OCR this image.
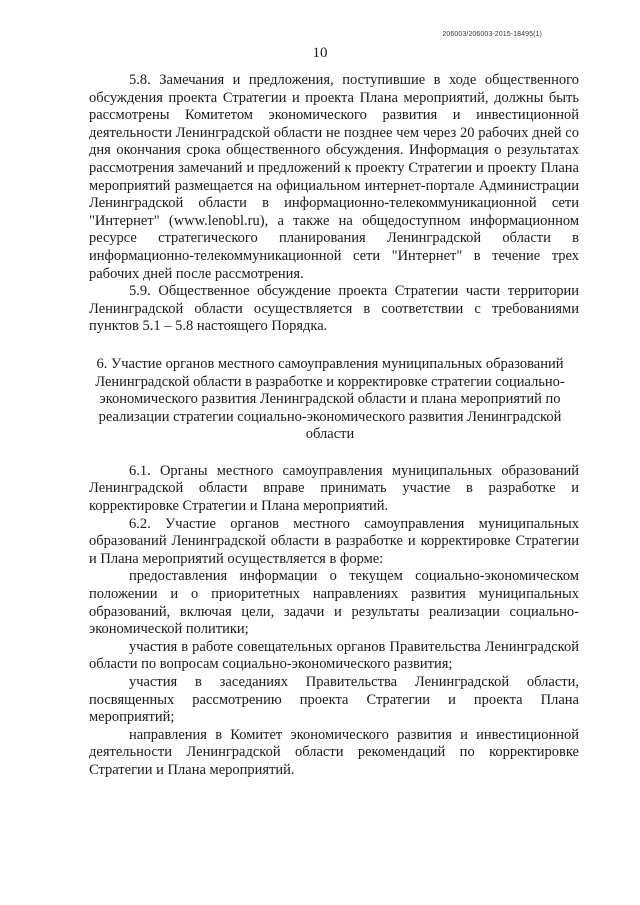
206003/206003-2015-18495(1)
10

5.8. Замечания и предложения, поступившие в ходе общественного обсуждения проекта Стратегии и проекта Плана мероприятий, должны быть рассмотрены Комитетом экономического развития и инвестиционной деятельности Ленинградской области не позднее чем через 20 рабочих дней со дня окончания срока общественного обсуждения. Информация о результатах рассмотрения замечаний и предложений к проекту Стратегии и проекту Плана мероприятий размещается на официальном интернет-портале Администрации Ленинградской области в информационно-телекоммуникационной сети "Интернет" (www.lenobl.ru), а также на общедоступном информационном ресурсе стратегического планирования Ленинградской области в информационно-телекоммуникационной сети "Интернет" в течение трех рабочих дней после рассмотрения.

5.9. Общественное обсуждение проекта Стратегии части территории Ленинградской области осуществляется в соответствии с требованиями пунктов 5.1 – 5.8 настоящего Порядка.

6. Участие органов местного самоуправления муниципальных образований Ленинградской области в разработке и корректировке стратегии социально-экономического развития Ленинградской области и плана мероприятий по реализации стратегии социально-экономического развития Ленинградской области

6.1. Органы местного самоуправления муниципальных образований Ленинградской области вправе принимать участие в разработке и корректировке Стратегии и Плана мероприятий.

6.2. Участие органов местного самоуправления муниципальных образований Ленинградской области в разработке и корректировке Стратегии и Плана мероприятий осуществляется в форме:

предоставления информации о текущем социально-экономическом положении и о приоритетных направлениях развития муниципальных образований, включая цели, задачи и результаты реализации социально-экономической политики;

участия в работе совещательных органов Правительства Ленинградской области по вопросам социально-экономического развития;

участия в заседаниях Правительства Ленинградской области, посвященных рассмотрению проекта Стратегии и проекта Плана мероприятий;

направления в Комитет экономического развития и инвестиционной деятельности Ленинградской области рекомендаций по корректировке Стратегии и Плана мероприятий.
